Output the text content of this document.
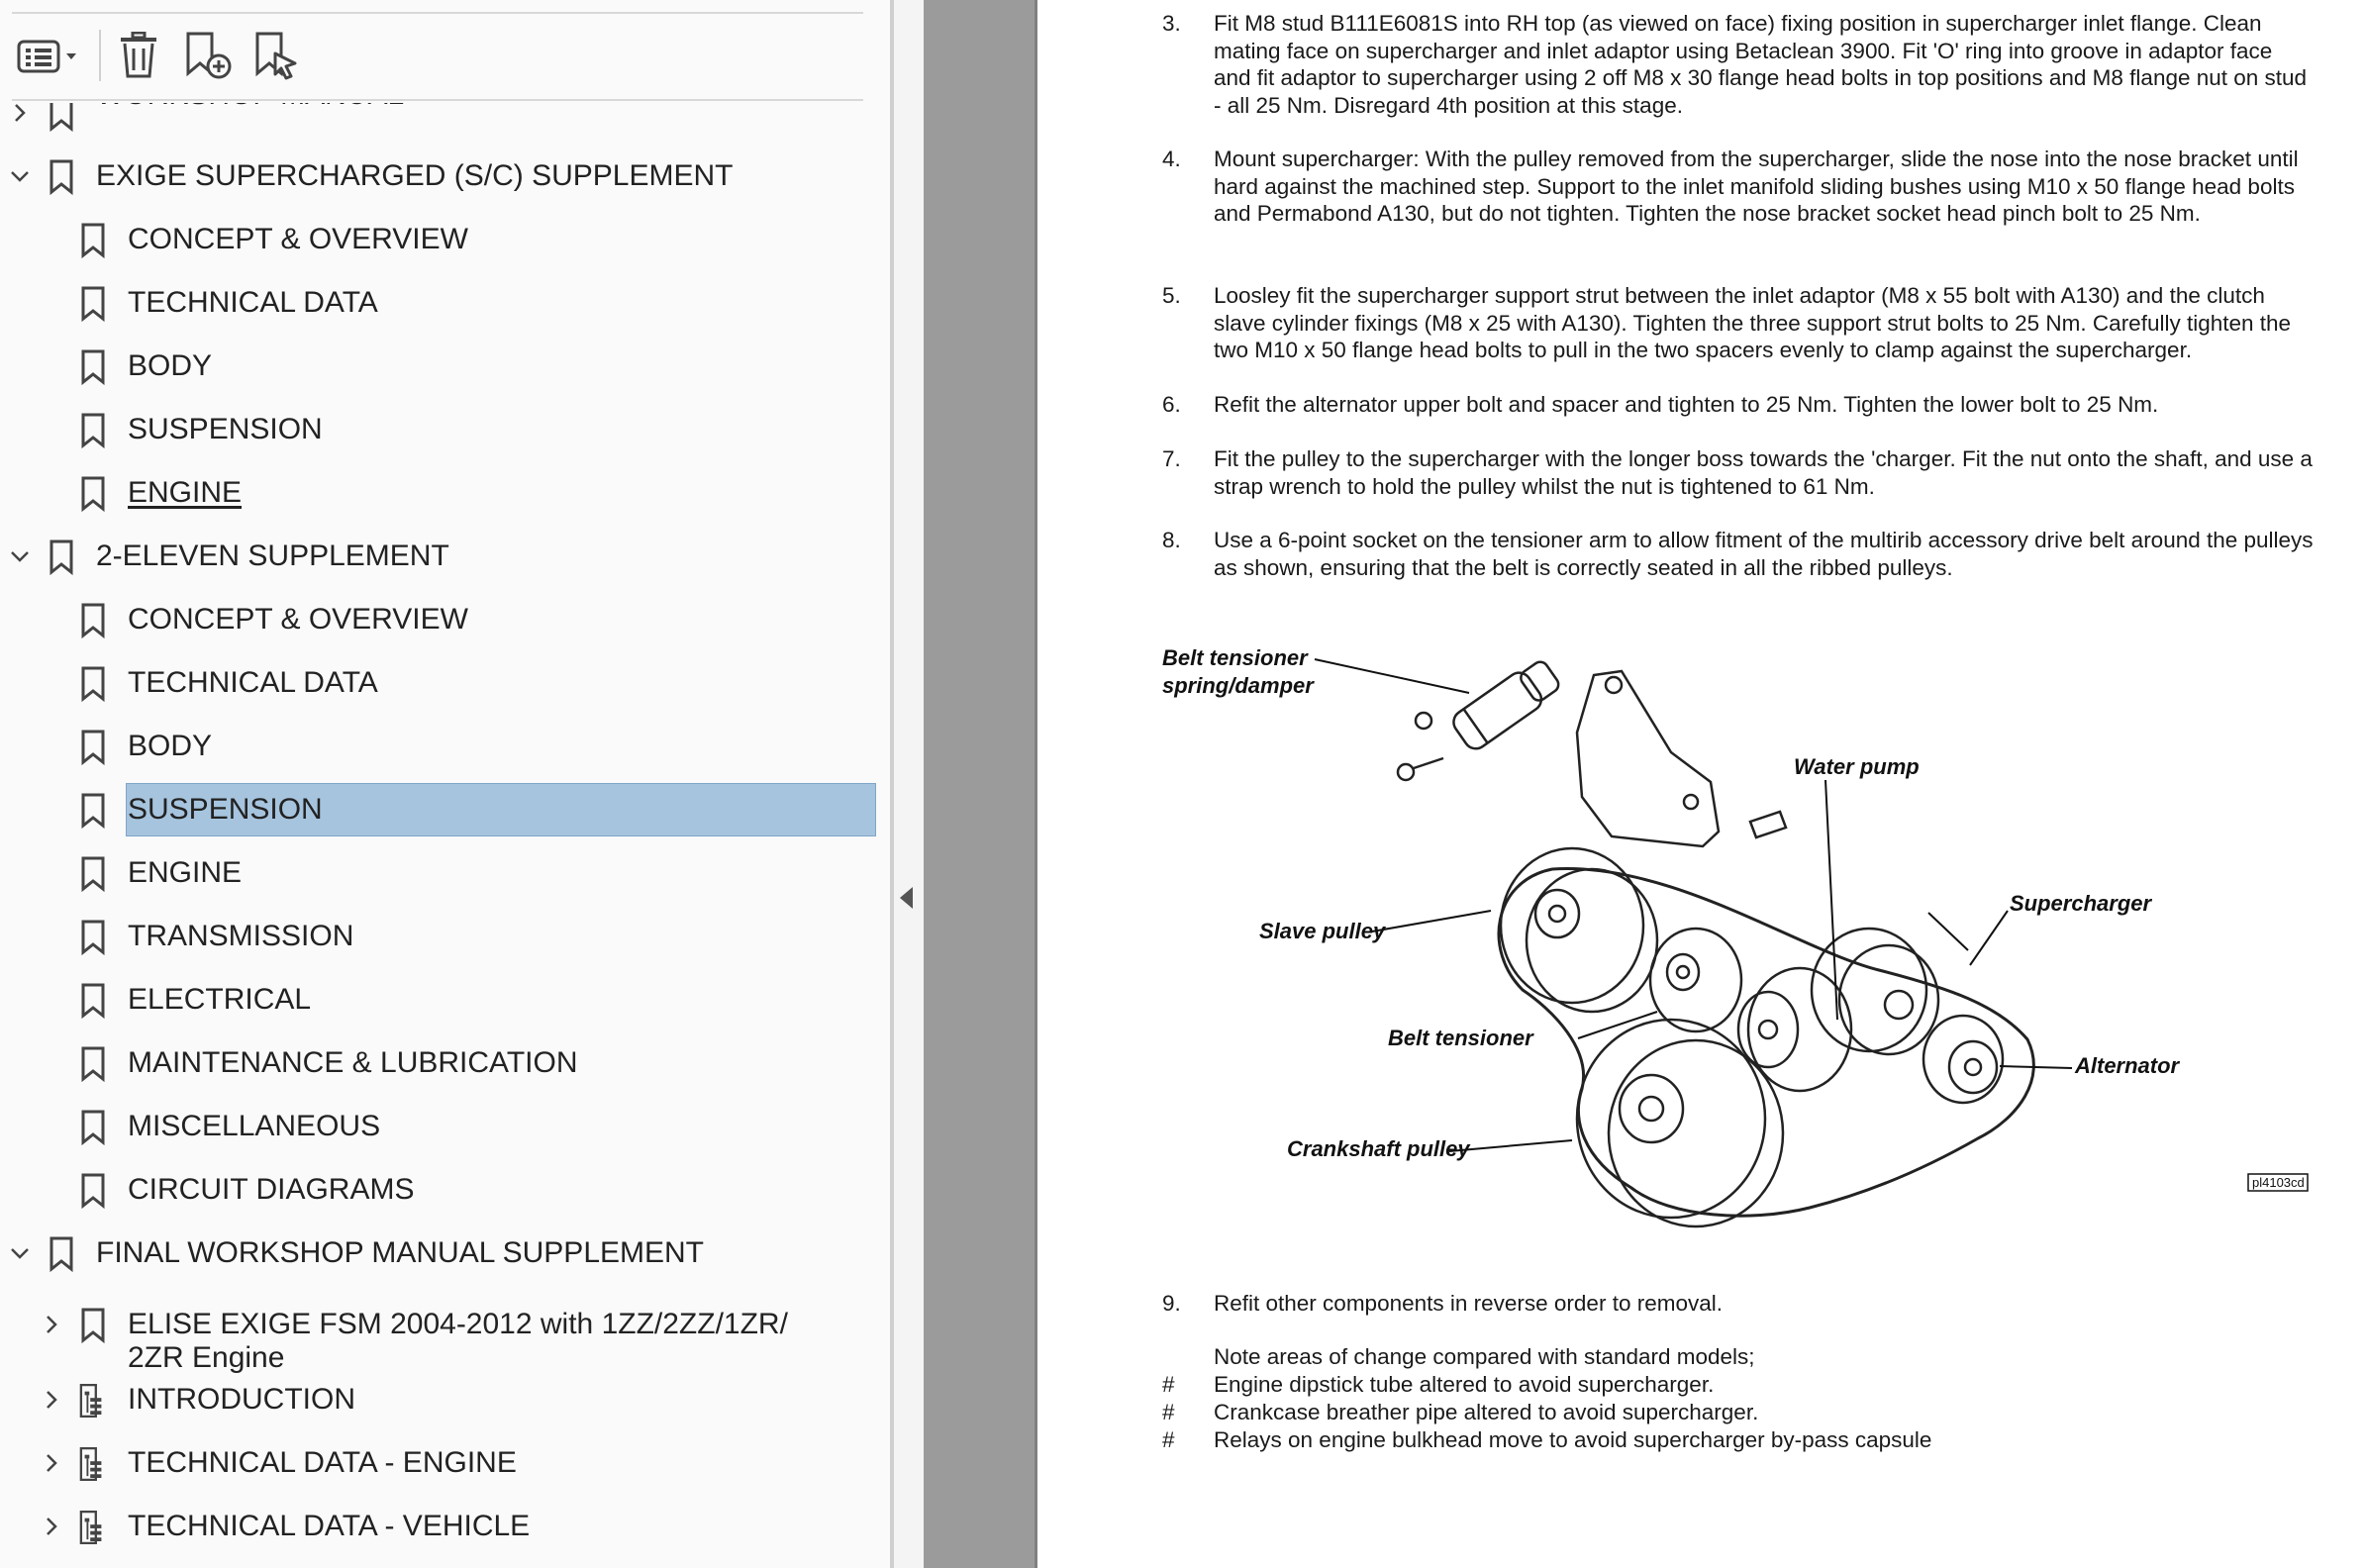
EXIGE SUPERCHARGED (S/C) SUPPLEMENT
CONCEPT & OVERVIEW
TECHNICAL DATA
BODY
SUSPENSION
ENGINE
2-ELEVEN SUPPLEMENT
CONCEPT & OVERVIEW
TECHNICAL DATA
BODY
SUSPENSION
ENGINE
TRANSMISSION
ELECTRICAL
MAINTENANCE & LUBRICATION
MISCELLANEOUS
CIRCUIT DIAGRAMS
FINAL WORKSHOP MANUAL SUPPLEMENT
ELISE EXIGE FSM 2004-2012 with 1ZZ/2ZZ/1ZR/
2ZR Engine
INTRODUCTION
TECHNICAL DATA - ENGINE
TECHNICAL DATA - VEHICLE
3. Fit M8 stud B111E6081S into RH top (as viewed on face) fixing position in supercharger inlet flange. Clean mating face on supercharger and inlet adaptor using Betaclean 3900. Fit 'O' ring into groove in adaptor face and fit adaptor to supercharger using 2 off M8 x 30 flange head bolts in top positions and M8 flange nut on stud - all 25 Nm. Disregard 4th position at this stage.
4. Mount supercharger: With the pulley removed from the supercharger, slide the nose into the nose bracket until hard against the machined step. Support to the inlet manifold sliding bushes using M10 x 50 flange head bolts and Permabond A130, but do not tighten. Tighten the nose bracket socket head pinch bolt to 25 Nm.
5. Loosley fit the supercharger support strut between the inlet adaptor (M8 x 55 bolt with A130) and the clutch slave cylinder fixings (M8 x 25 with A130). Tighten the three support strut bolts to 25 Nm. Carefully tighten the two M10 x 50 flange head bolts to pull in the two spacers evenly to clamp against the supercharger.
6. Refit the alternator upper bolt and spacer and tighten to 25 Nm. Tighten the lower bolt to 25 Nm.
7. Fit the pulley to the supercharger with the longer boss towards the 'charger. Fit the nut onto the shaft, and use a strap wrench to hold the pulley whilst the nut is tightened to 61 Nm.
8. Use a 6-point socket on the tensioner arm to allow fitment of the multirib accessory drive belt around the pulleys as shown, ensuring that the belt is correctly seated in all the ribbed pulleys.
Belt tensioner
spring/damper
Water pump
Slave pulley
Supercharger
Belt tensioner
Alternator
Crankshaft pulley
pl4103cd
9. Refit other components in reverse order to removal.
Note areas of change compared with standard models;
# Engine dipstick tube altered to avoid supercharger.
# Crankcase breather pipe altered to avoid supercharger.
# Relays on engine bulkhead move to avoid supercharger by-pass capsule
